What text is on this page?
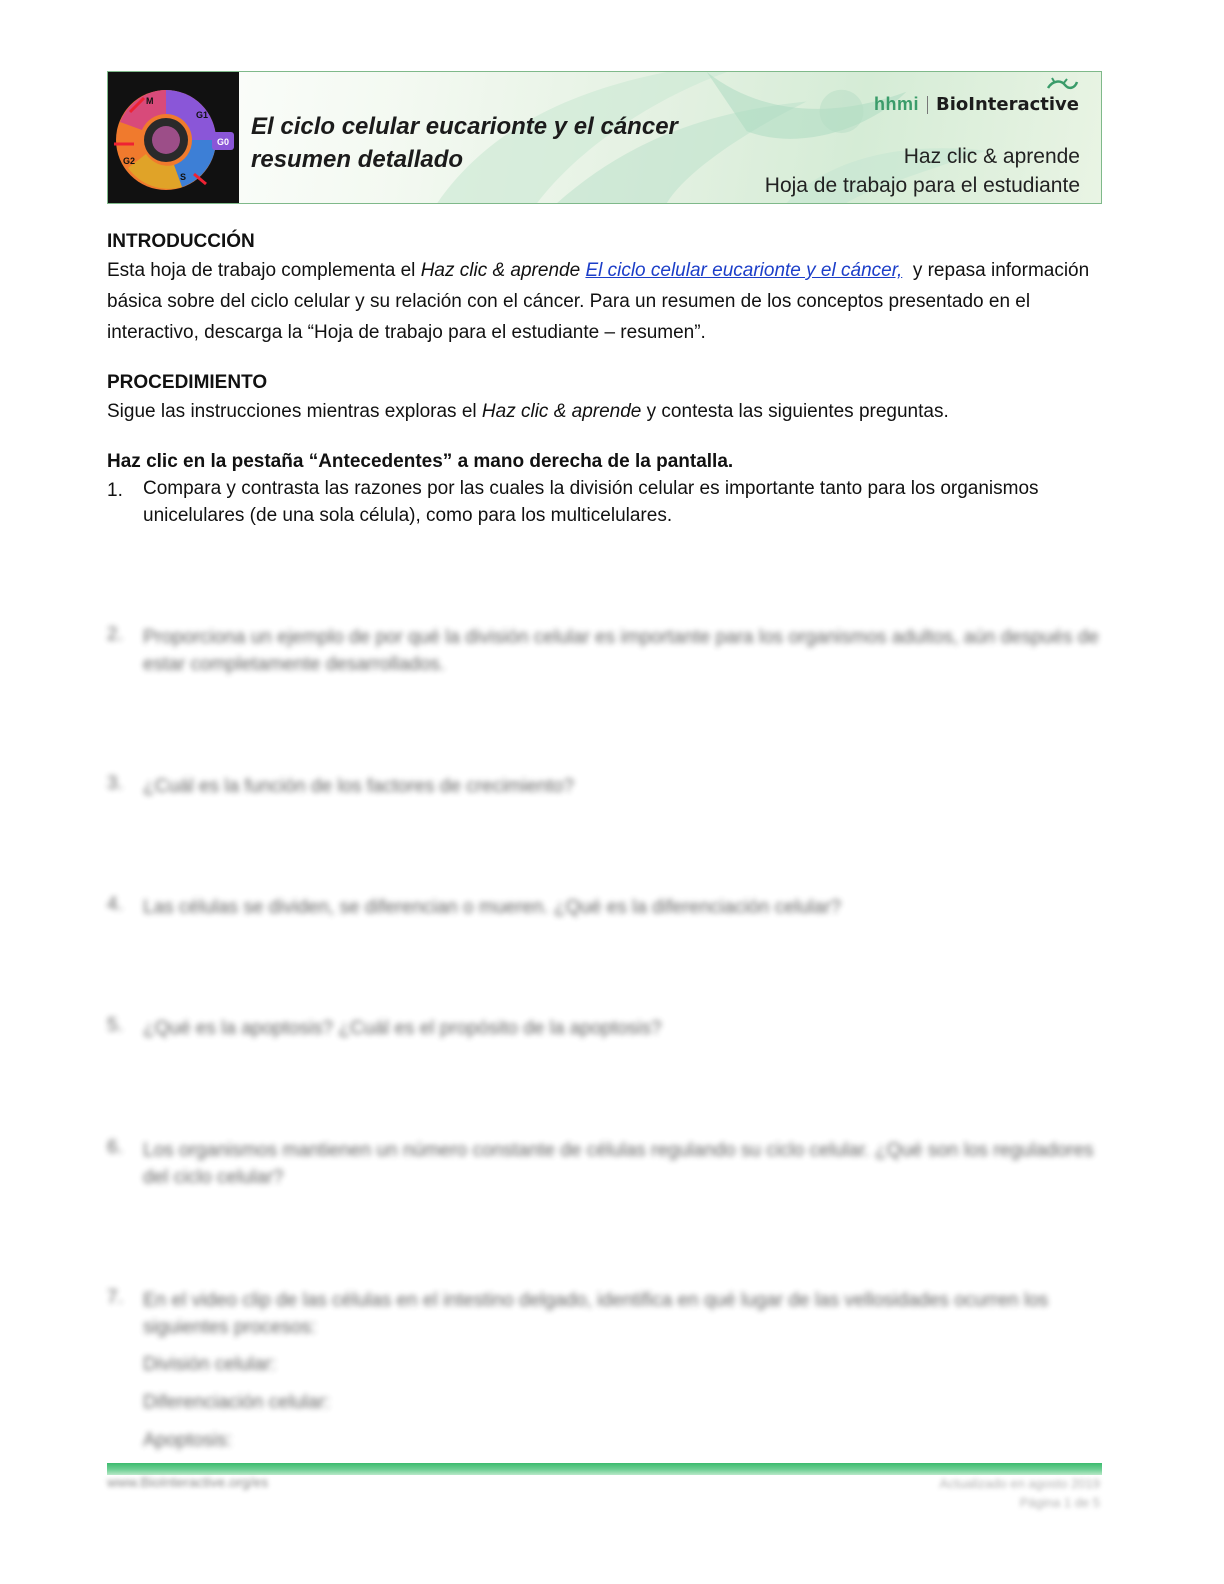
M
G1
G0
S
G2
El ciclo celular eucarionte y el cáncer
resumen detallado
hhmi BioInteractive
Haz clic & aprende
Hoja de trabajo para el estudiante

INTRODUCCIÓN

Esta hoja de trabajo complementa el Haz clic & aprende El ciclo celular eucarionte y el cáncer,  y repasa información básica sobre del ciclo celular y su relación con el cáncer. Para un resumen de los conceptos presentado en el interactivo, descarga la “Hoja de trabajo para el estudiante – resumen”.

PROCEDIMIENTO

Sigue las instrucciones mientras exploras el Haz clic & aprende y contesta las siguientes preguntas.

Haz clic en la pestaña “Antecedentes” a mano derecha de la pantalla.

1.	Compara y contrasta las razones por las cuales la división celular es importante tanto para los organismos unicelulares (de una sola célula), como para los multicelulares.
2.	Proporciona un ejemplo de por qué la división celular es importante para los organismos adultos, aún después de estar completamente desarrollados.
3.	¿Cuál es la función de los factores de crecimiento?
4.	Las células se dividen, se diferencian o mueren. ¿Qué es la diferenciación celular?
5.	¿Qué es la apoptosis? ¿Cuál es el propósito de la apoptosis?
6.	Los organismos mantienen un número constante de células regulando su ciclo celular. ¿Qué son los reguladores del ciclo celular?
7.	En el video clip de las células en el intestino delgado, identifica en qué lugar de las vellosidades ocurren los siguientes procesos:
División celular:
Diferenciación celular:
Apoptosis:
www.BioInteractive.org/es	Actualizado en agosto 2019
Página 1 de 5
